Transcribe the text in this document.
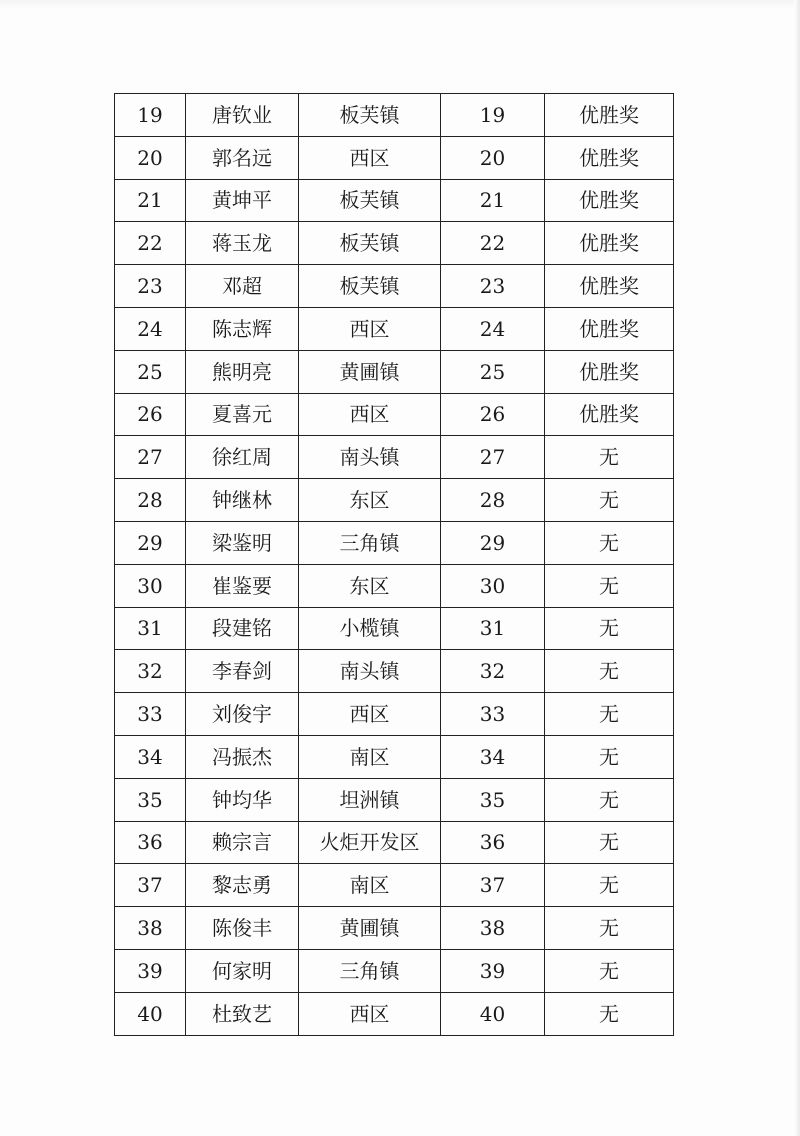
19	唐钦业	板芙镇	19	优胜奖
20	郭名远	西区	20	优胜奖
21	黄坤平	板芙镇	21	优胜奖
22	蒋玉龙	板芙镇	22	优胜奖
23	邓超	板芙镇	23	优胜奖
24	陈志辉	西区	24	优胜奖
25	熊明亮	黄圃镇	25	优胜奖
26	夏喜元	西区	26	优胜奖
27	徐红周	南头镇	27	无
28	钟继林	东区	28	无
29	梁鉴明	三角镇	29	无
30	崔鉴要	东区	30	无
31	段建铭	小榄镇	31	无
32	李春剑	南头镇	32	无
33	刘俊宇	西区	33	无
34	冯振杰	南区	34	无
35	钟均华	坦洲镇	35	无
36	赖宗言	火炬开发区	36	无
37	黎志勇	南区	37	无
38	陈俊丰	黄圃镇	38	无
39	何家明	三角镇	39	无
40	杜致艺	西区	40	无
